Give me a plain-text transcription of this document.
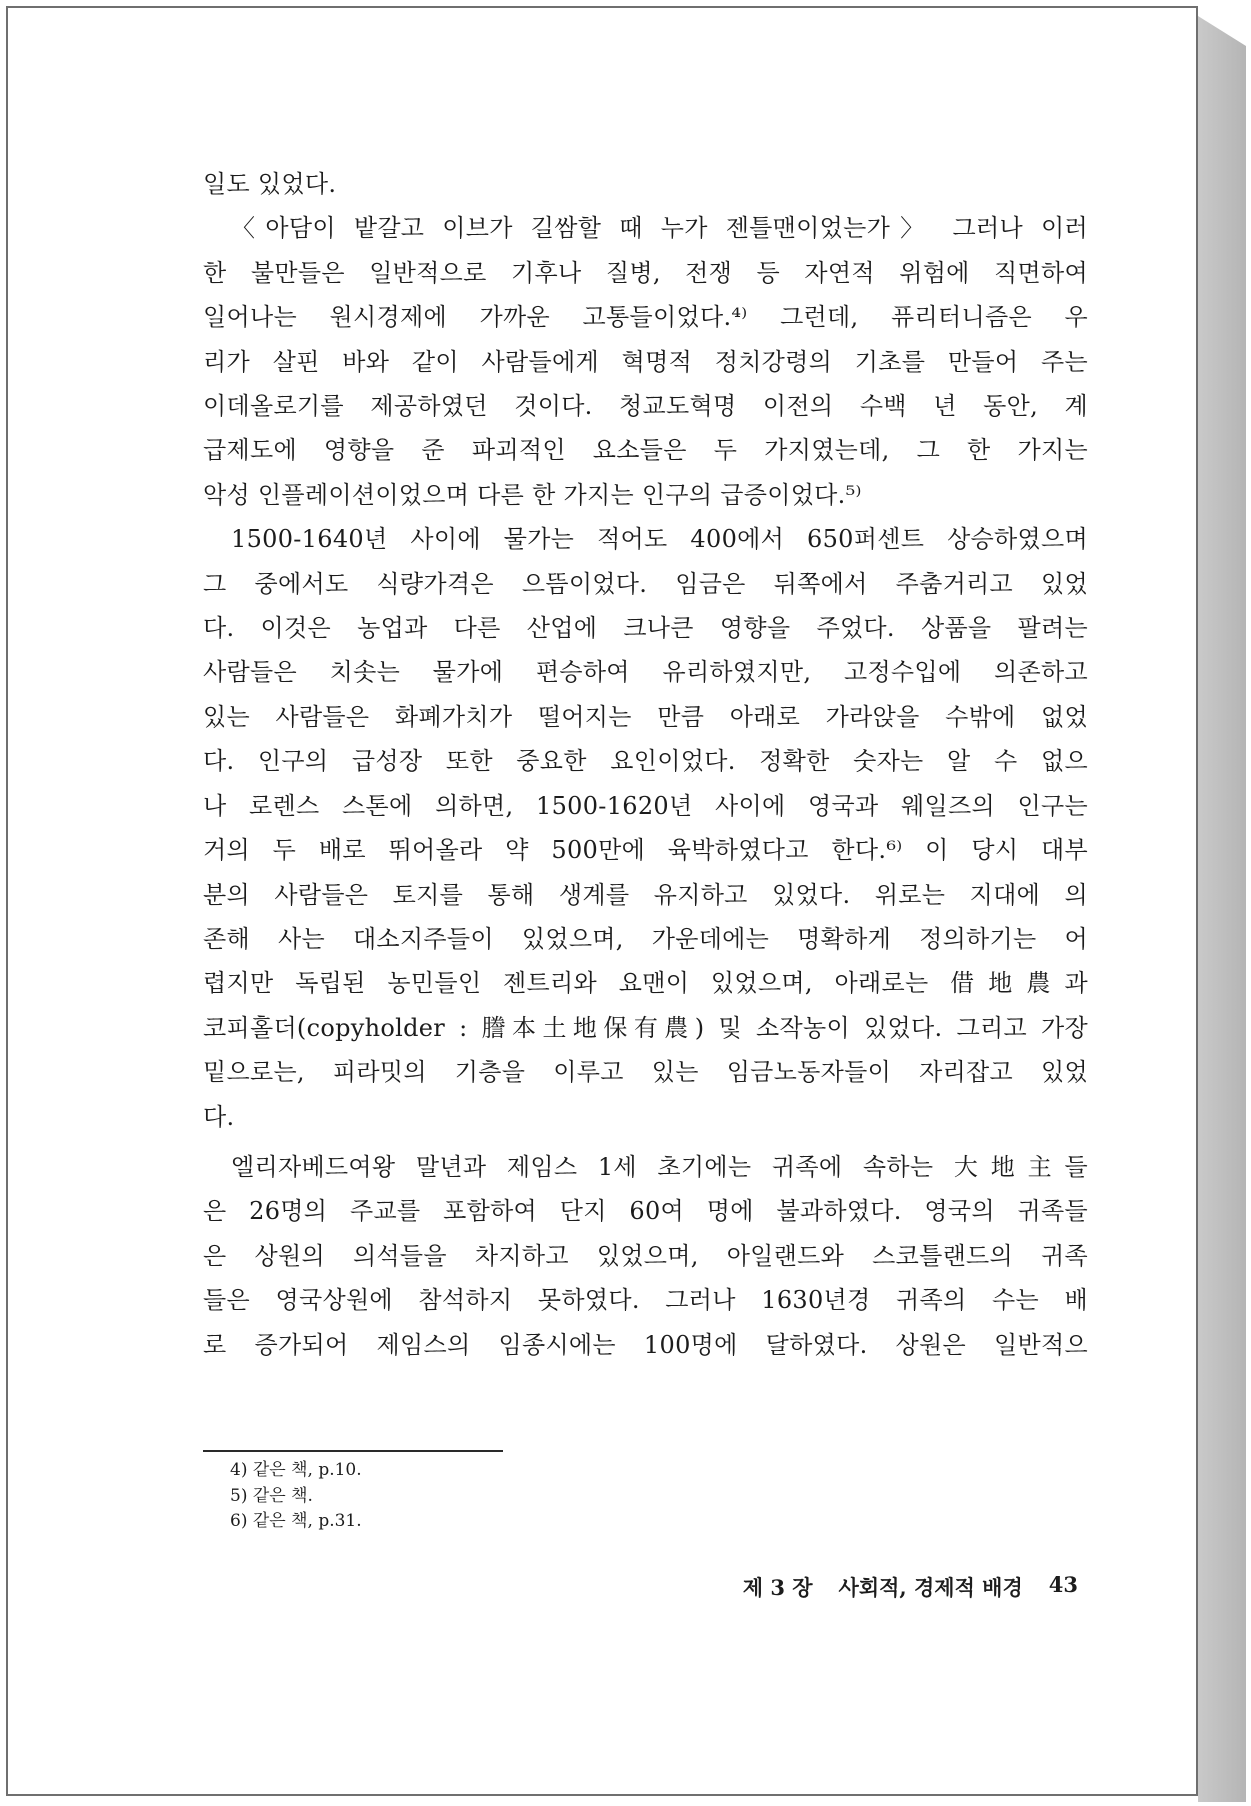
일도 있었다.
〈아담이 밭갈고 이브가 길쌈할 때 누가 젠틀맨이었는가〉 그러나 이러
한 불만들은 일반적으로 기후나 질병, 전쟁 등 자연적 위험에 직면하여
일어나는 원시경제에 가까운 고통들이었다.⁴⁾ 그런데, 퓨리터니즘은 우
리가 살핀 바와 같이 사람들에게 혁명적 정치강령의 기초를 만들어 주는
이데올로기를 제공하였던 것이다. 청교도혁명 이전의 수백 년 동안, 계
급제도에 영향을 준 파괴적인 요소들은 두 가지였는데, 그 한 가지는
악성 인플레이션이었으며 다른 한 가지는 인구의 급증이었다.⁵⁾
1500-1640년 사이에 물가는 적어도 400에서 650퍼센트 상승하였으며
그 중에서도 식량가격은 으뜸이었다. 임금은 뒤쪽에서 주춤거리고 있었
다. 이것은 농업과 다른 산업에 크나큰 영향을 주었다. 상품을 팔려는
사람들은 치솟는 물가에 편승하여 유리하였지만, 고정수입에 의존하고
있는 사람들은 화폐가치가 떨어지는 만큼 아래로 가라앉을 수밖에 없었
다. 인구의 급성장 또한 중요한 요인이었다. 정확한 숫자는 알 수 없으
나 로렌스 스톤에 의하면, 1500-1620년 사이에 영국과 웨일즈의 인구는
거의 두 배로 뛰어올라 약 500만에 육박하였다고 한다.⁶⁾ 이 당시 대부
분의 사람들은 토지를 통해 생계를 유지하고 있었다. 위로는 지대에 의
존해 사는 대소지주들이 있었으며, 가운데에는 명확하게 정의하기는 어
렵지만 독립된 농민들인 젠트리와 요맨이 있었으며, 아래로는 借地農과
코피홀더(copyholder : 謄本土地保有農) 및 소작농이 있었다. 그리고 가장
밑으로는, 피라밋의 기층을 이루고 있는 임금노동자들이 자리잡고 있었
다.
엘리자베드여왕 말년과 제임스 1세 초기에는 귀족에 속하는 大地主들
은 26명의 주교를 포함하여 단지 60여 명에 불과하였다. 영국의 귀족들
은 상원의 의석들을 차지하고 있었으며, 아일랜드와 스코틀랜드의 귀족
들은 영국상원에 참석하지 못하였다. 그러나 1630년경 귀족의 수는 배
로 증가되어 제임스의 임종시에는 100명에 달하였다. 상원은 일반적으
4) 같은 책, p.10.
5) 같은 책.
6) 같은 책, p.31.
제 3 장 사회적, 경제적 배경 43
